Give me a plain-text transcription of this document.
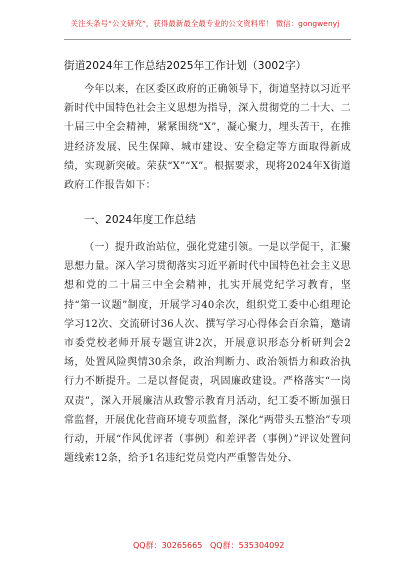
关注头条号“公文研究”，获得最新最全最专业的公文资料库！ 微信：gongwenyj
街道2024年工作总结2025年工作计划（3002字）
今年以来，在区委区政府的正确领导下，街道坚持以习近平新时代中国特色社会主义思想为指导，深入贯彻党的二十大、二十届三中全会精神，紧紧围绕“X”，凝心聚力，埋头苦干，在推进经济发展、民生保障、城市建设、安全稳定等方面取得新成绩，实现新突破。荣获“X”“X”。根据要求，现将2024年X街道政府工作报告如下：
一、2024年度工作总结
（一）提升政治站位，强化党建引领。一是以学促干，汇聚思想力量。深入学习贯彻落实习近平新时代中国特色社会主义思想和党的二十届三中全会精神，扎实开展党纪学习教育，坚持“第一议题”制度，开展学习40余次，组织党工委中心组理论学习12次、交流研讨36人次、撰写学习心得体会百余篇，邀请市委党校老师开展专题宣讲2次，开展意识形态分析研判会2场，处置风险舆情30余条，政治判断力、政治领悟力和政治执行力不断提升。二是以督促责，巩固廉政建设。严格落实“一岗双责”，深入开展廉洁从政警示教育月活动，纪工委不断加强日常监督，开展优化营商环境专项监督，深化“两带头五整治”专项行动，开展“作风优评者（事例）和差评者（事例）”评议处置问题线索12条，给予1名违纪党员党内严重警告处分、
QQ群：30265665 QQ群：535304092
